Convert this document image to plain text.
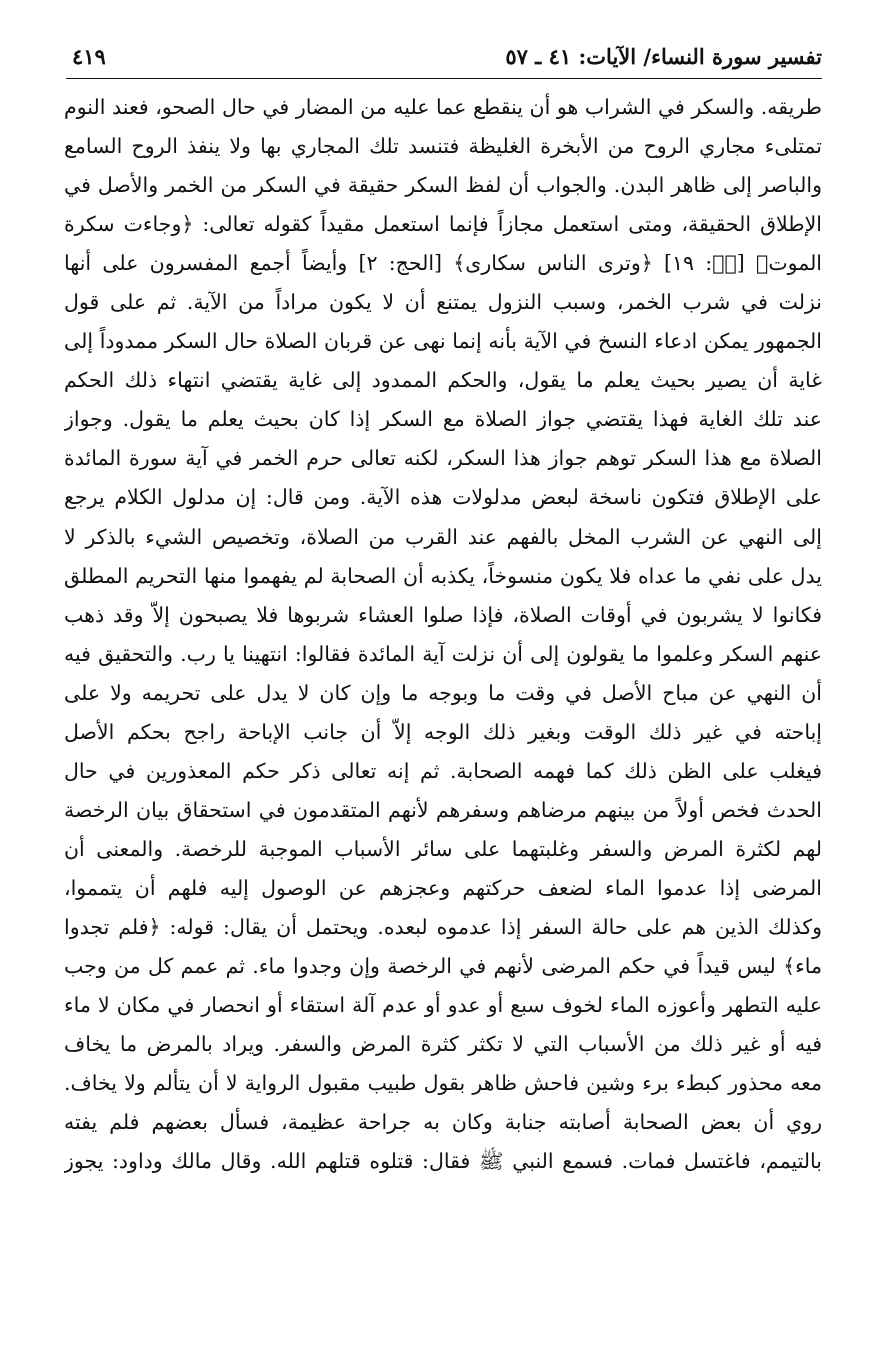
تفسير سورة النساء/ الآيات: ٤١ ـ ٥٧
٤١٩
طريقه. والسكر في الشراب هو أن ينقطع عما عليه من المضار في حال الصحو، فعند النوم
تمتلىء مجاري الروح من الأبخرة الغليظة فتنسد تلك المجاري بها ولا ينفذ الروح السامع
والباصر إلى ظاهر البدن. والجواب أن لفظ السكر حقيقة في السكر من الخمر والأصل في
الإطلاق الحقيقة، ومتى استعمل مجازاً فإنما استعمل مقيداً كقوله تعالى: ﴿وجاءت سكرة
الموت﴾ [قۤ: ١٩] ﴿وترى الناس سكارى﴾ [الحج: ٢] وأيضاً أجمع المفسرون على أنها
نزلت في شرب الخمر، وسبب النزول يمتنع أن لا يكون مراداً من الآية. ثم على قول
الجمهور يمكن ادعاء النسخ في الآية بأنه إنما نهى عن قربان الصلاة حال السكر ممدوداً إلى
غاية أن يصير بحيث يعلم ما يقول، والحكم الممدود إلى غاية يقتضي انتهاء ذلك الحكم
عند تلك الغاية فهذا يقتضي جواز الصلاة مع السكر إذا كان بحيث يعلم ما يقول. وجواز
الصلاة مع هذا السكر توهم جواز هذا السكر، لكنه تعالى حرم الخمر في آية سورة المائدة
على الإطلاق فتكون ناسخة لبعض مدلولات هذه الآية. ومن قال: إن مدلول الكلام يرجع
إلى النهي عن الشرب المخل بالفهم عند القرب من الصلاة، وتخصيص الشيء بالذكر لا
يدل على نفي ما عداه فلا يكون منسوخاً، يكذبه أن الصحابة لم يفهموا منها التحريم المطلق
فكانوا لا يشربون في أوقات الصلاة، فإذا صلوا العشاء شربوها فلا يصبحون إلاّ وقد ذهب
عنهم السكر وعلموا ما يقولون إلى أن نزلت آية المائدة فقالوا: انتهينا يا رب. والتحقيق فيه
أن النهي عن مباح الأصل في وقت ما وبوجه ما وإن كان لا يدل على تحريمه ولا على
إباحته في غير ذلك الوقت وبغير ذلك الوجه إلاّ أن جانب الإباحة راجح بحكم الأصل
فيغلب على الظن ذلك كما فهمه الصحابة. ثم إنه تعالى ذكر حكم المعذورين في حال
الحدث فخص أولاً من بينهم مرضاهم وسفرهم لأنهم المتقدمون في استحقاق بيان الرخصة
لهم لكثرة المرض والسفر وغلبتهما على سائر الأسباب الموجبة للرخصة. والمعنى أن
المرضى إذا عدموا الماء لضعف حركتهم وعجزهم عن الوصول إليه فلهم أن يتمموا،
وكذلك الذين هم على حالة السفر إذا عدموه لبعده. ويحتمل أن يقال: قوله: ﴿فلم تجدوا
ماء﴾ ليس قيداً في حكم المرضى لأنهم في الرخصة وإن وجدوا ماء. ثم عمم كل من وجب
عليه التطهر وأعوزه الماء لخوف سبع أو عدو أو عدم آلة استقاء أو انحصار في مكان لا ماء
فيه أو غير ذلك من الأسباب التي لا تكثر كثرة المرض والسفر. ويراد بالمرض ما يخاف
معه محذور كبطء برء وشين فاحش ظاهر بقول طبيب مقبول الرواية لا أن يتألم ولا يخاف.
روي أن بعض الصحابة أصابته جنابة وكان به جراحة عظيمة، فسأل بعضهم فلم يفته
بالتيمم، فاغتسل فمات. فسمع النبي ﷺ فقال: قتلوه قتلهم الله. وقال مالك وداود: يجوز
